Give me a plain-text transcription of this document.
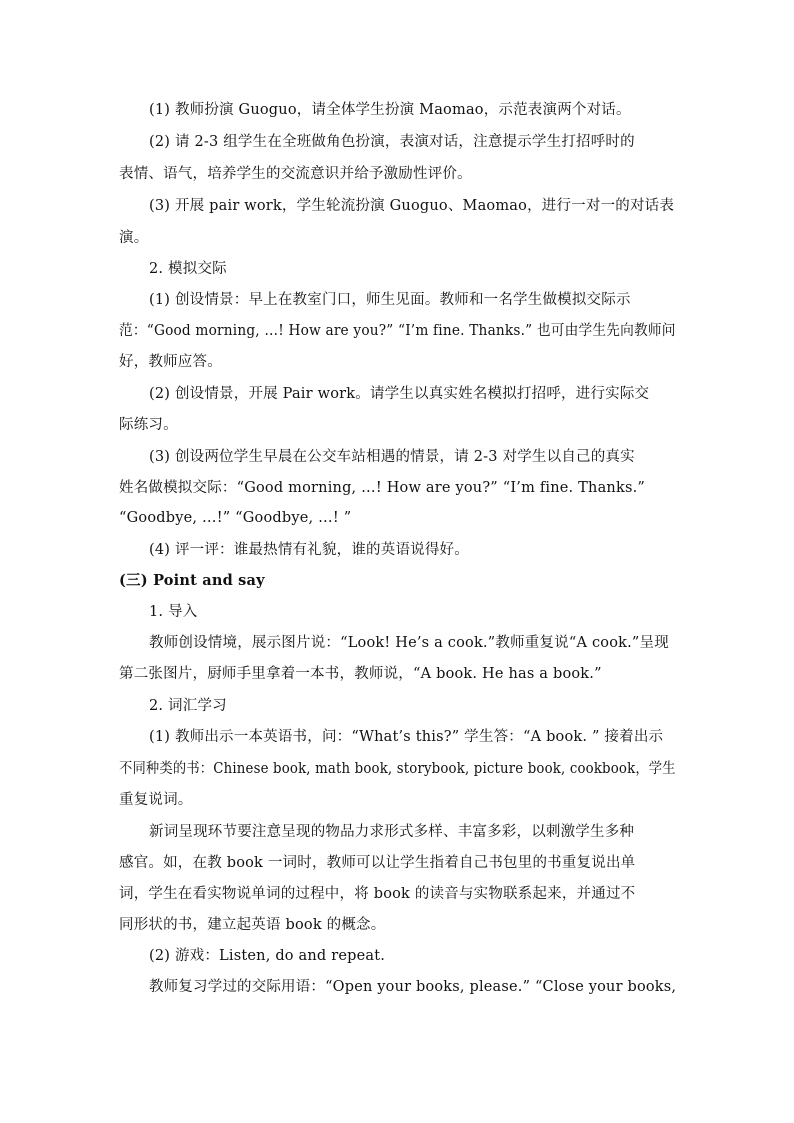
(1) 教师扮演 Guoguo，请全体学生扮演 Maomao，示范表演两个对话。
(2) 请 2-3 组学生在全班做角色扮演，表演对话，注意提示学生打招呼时的
表情、语气，培养学生的交流意识并给予激励性评价。
(3) 开展 pair work，学生轮流扮演 Guoguo、Maomao，进行一对一的对话表
演。
2. 模拟交际
(1) 创设情景：早上在教室门口，师生见面。教师和一名学生做模拟交际示
范：“Good morning, …! How are you?” “I’m fine. Thanks.” 也可由学生先向教师问
好，教师应答。
(2) 创设情景，开展 Pair work。请学生以真实姓名模拟打招呼，进行实际交
际练习。
(3) 创设两位学生早晨在公交车站相遇的情景，请 2-3 对学生以自己的真实
姓名做模拟交际：“Good morning, …! How are you?” “I’m fine. Thanks.”
“Goodbye, …!” “Goodbye, …! ”
(4) 评一评：谁最热情有礼貌，谁的英语说得好。
(三) Point and say
1. 导入
教师创设情境，展示图片说：“Look! He’s a cook.”教师重复说“A cook.”呈现
第二张图片，厨师手里拿着一本书，教师说，“A book. He has a book.”
2. 词汇学习
(1) 教师出示一本英语书，问：“What’s this?” 学生答：“A book. ” 接着出示
不同种类的书：Chinese book, math book, storybook, picture book, cookbook，学生
重复说词。
新词呈现环节要注意呈现的物品力求形式多样、丰富多彩，以刺激学生多种
感官。如，在教 book 一词时，教师可以让学生指着自己书包里的书重复说出单
词，学生在看实物说单词的过程中，将 book 的读音与实物联系起来，并通过不
同形状的书，建立起英语 book 的概念。
(2) 游戏：Listen, do and repeat.
教师复习学过的交际用语：“Open your books, please.” “Close your books,
